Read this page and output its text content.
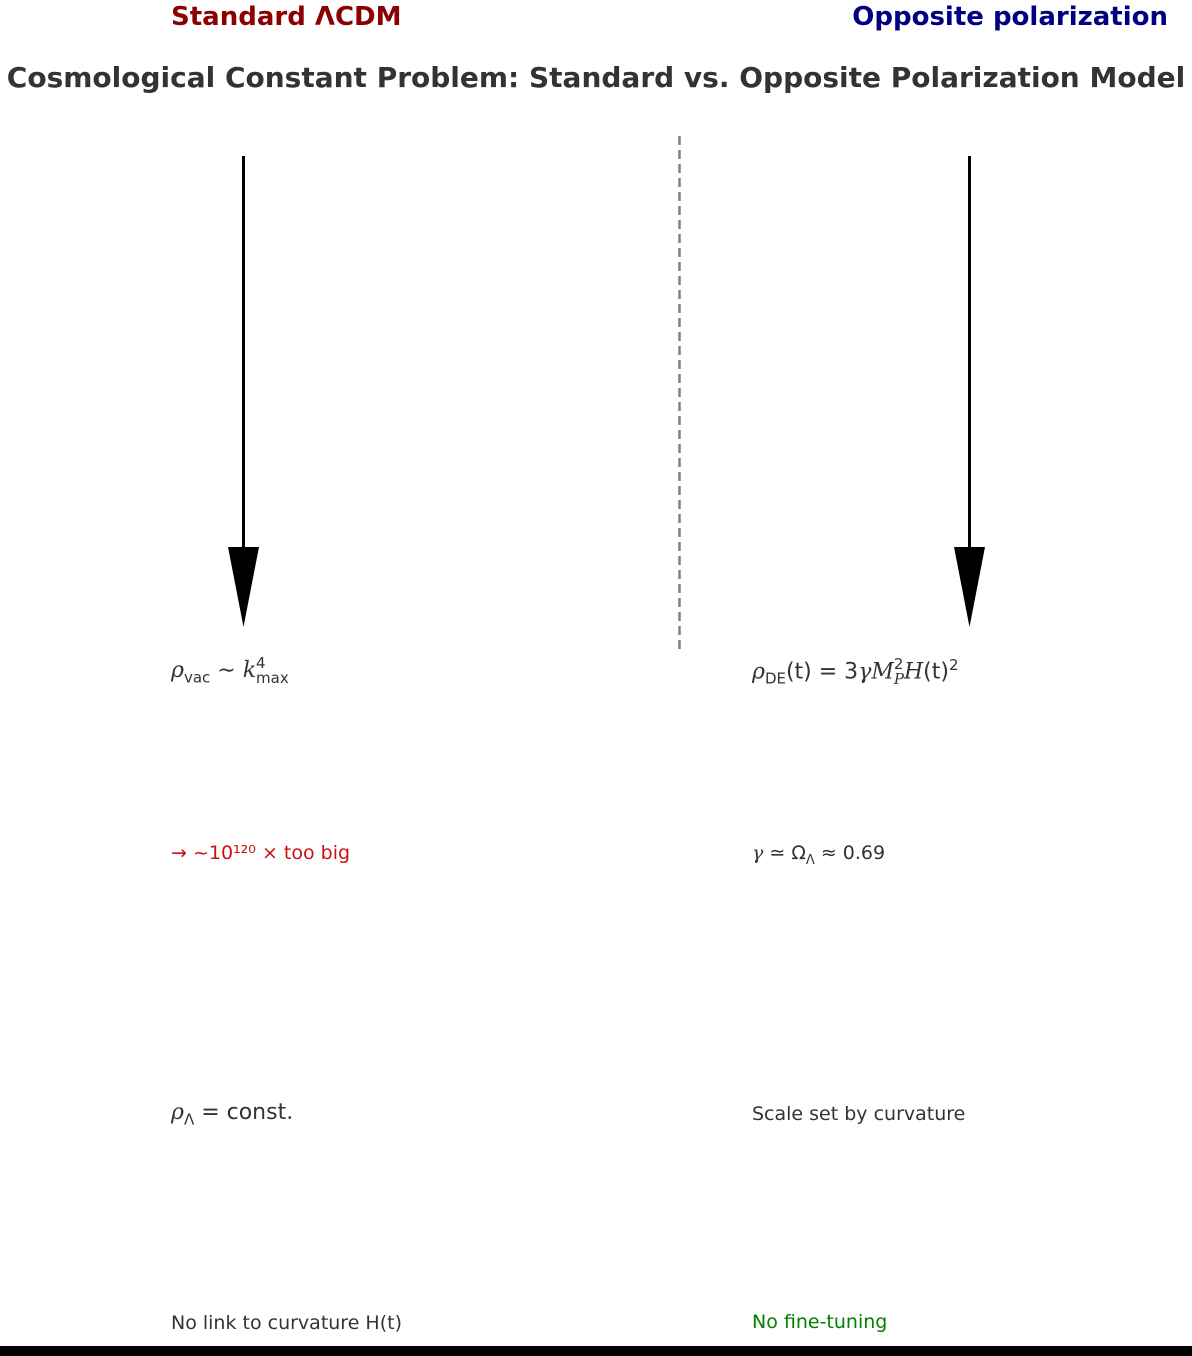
Standard ΛCDM	Opposite polarization
Cosmological Constant Problem: Standard vs. Opposite Polarization Model
$\rho_{vac}$ ∼ k4
max
→ ~10¹²⁰ × too big
$\rho_\Lambda$ = const.
No link to curvature H(t)
$\rho_{DE}(t) = 3\gamma M2$
$PH(t)^2$
γ ≃ $\Omega_\Lambda \approx 0.69$
Scale set by curvature
No fine-tuning
